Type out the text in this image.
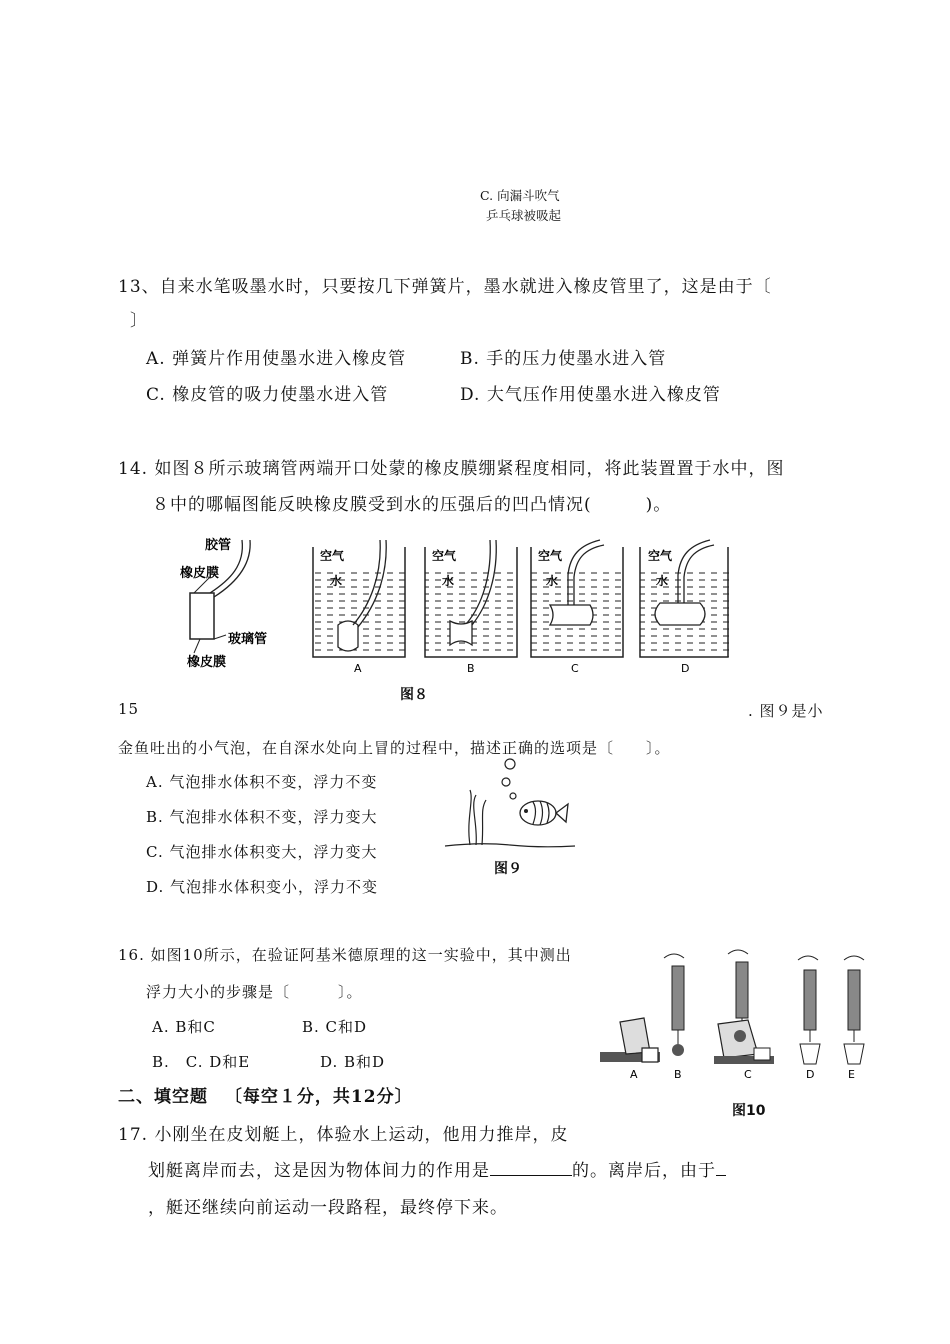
C. 向漏斗吹气
乒乓球被吸起
13、自来水笔吸墨水时，只要按几下弹簧片，墨水就进入橡皮管里了，这是由于〔
〕
A. 弹簧片作用使墨水进入橡皮管	B. 手的压力使墨水进入管
C. 橡皮管的吸力使墨水进入管	D. 大气压作用使墨水进入橡皮管
14. 如图８所示玻璃管两端开口处蒙的橡皮膜绷紧程度相同，将此装置置于水中，图
８中的哪幅图能反映橡皮膜受到水的压强后的凹凸情况(　　　)。
胶管
橡皮膜
玻璃管
橡皮膜
空气
水
A
空气
水
B
空气
水
C
空气
水
D
图８
15	. 图９是小
金鱼吐出的小气泡，在自深水处向上冒的过程中，描述正确的选项是〔　　〕。
A. 气泡排水体积不变，浮力不变
B. 气泡排水体积不变，浮力变大
C. 气泡排水体积变大，浮力变大
D. 气泡排水体积变小，浮力不变
图９
16. 如图10所示，在验证阿基米德原理的这一实验中，其中测出
浮力大小的步骤是〔　　　〕。
A. B和C	B. C和D
B.　C. D和E	D. B和D
A	B	C	D	E
图10
二、填空题 〔每空１分，共12分〕
17. 小刚坐在皮划艇上，体验水上运动，他用力推岸，皮
划艇离岸而去，这是因为物体间力的作用是	的。离岸后，由于
，艇还继续向前运动一段路程，最终停下来。
